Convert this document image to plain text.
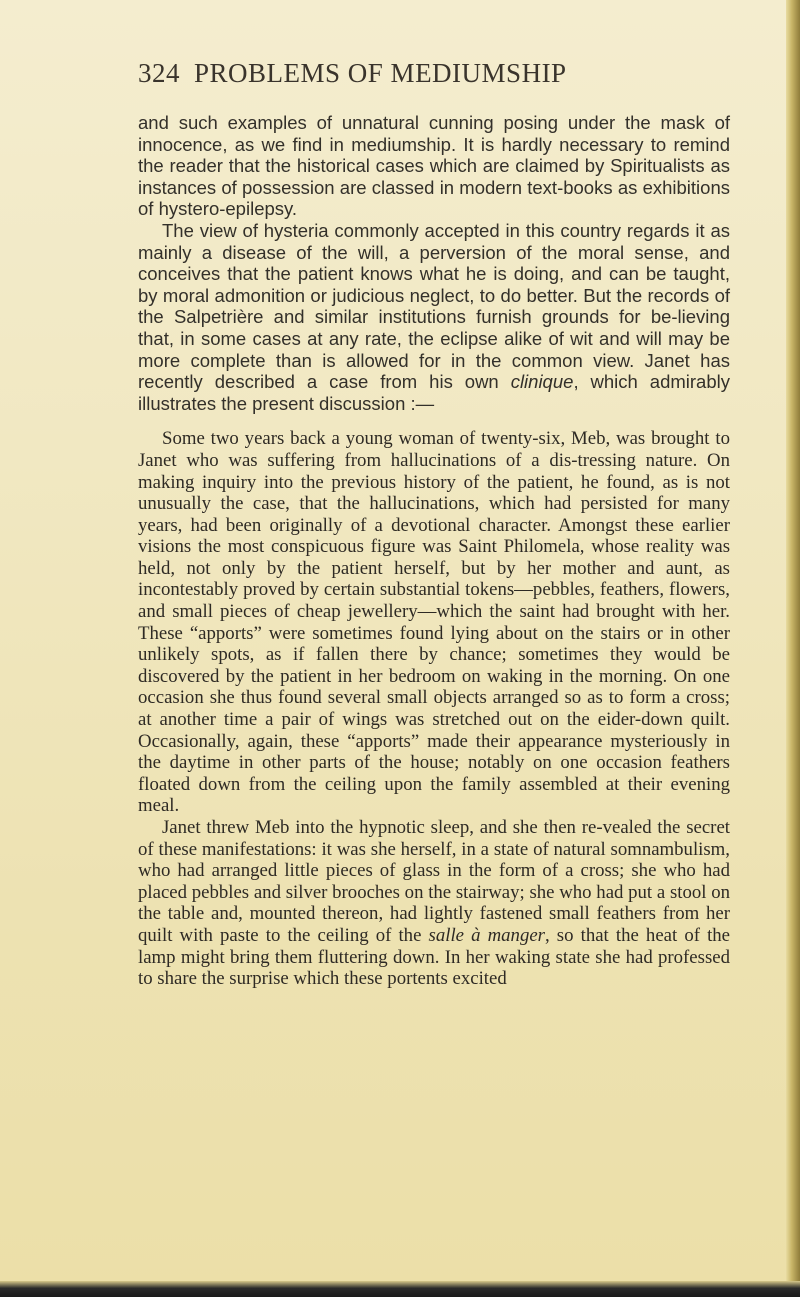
324 PROBLEMS OF MEDIUMSHIP

and such examples of unnatural cunning posing under the mask of innocence, as we find in mediumship. It is hardly necessary to remind the reader that the historical cases which are claimed by Spiritualists as instances of possession are classed in modern text-books as exhibitions of hystero-epilepsy.

The view of hysteria commonly accepted in this country regards it as mainly a disease of the will, a perversion of the moral sense, and conceives that the patient knows what he is doing, and can be taught, by moral admonition or judicious neglect, to do better. But the records of the Salpetrière and similar institutions furnish grounds for be-lieving that, in some cases at any rate, the eclipse alike of wit and will may be more complete than is allowed for in the common view. Janet has recently described a case from his own clinique, which admirably illustrates the present discussion :—

Some two years back a young woman of twenty-six, Meb, was brought to Janet who was suffering from hallucinations of a dis-tressing nature. On making inquiry into the previous history of the patient, he found, as is not unusually the case, that the hallucinations, which had persisted for many years, had been originally of a devotional character. Amongst these earlier visions the most conspicuous figure was Saint Philomela, whose reality was held, not only by the patient herself, but by her mother and aunt, as incontestably proved by certain substantial tokens—pebbles, feathers, flowers, and small pieces of cheap jewellery—which the saint had brought with her. These “apports” were sometimes found lying about on the stairs or in other unlikely spots, as if fallen there by chance; sometimes they would be discovered by the patient in her bedroom on waking in the morning. On one occasion she thus found several small objects arranged so as to form a cross; at another time a pair of wings was stretched out on the eider-down quilt. Occasionally, again, these “apports” made their appearance mysteriously in the daytime in other parts of the house; notably on one occasion feathers floated down from the ceiling upon the family assembled at their evening meal.

Janet threw Meb into the hypnotic sleep, and she then re-vealed the secret of these manifestations: it was she herself, in a state of natural somnambulism, who had arranged little pieces of glass in the form of a cross; she who had placed pebbles and silver brooches on the stairway; she who had put a stool on the table and, mounted thereon, had lightly fastened small feathers from her quilt with paste to the ceiling of the salle à manger, so that the heat of the lamp might bring them fluttering down. In her waking state she had professed to share the surprise which these portents excited
